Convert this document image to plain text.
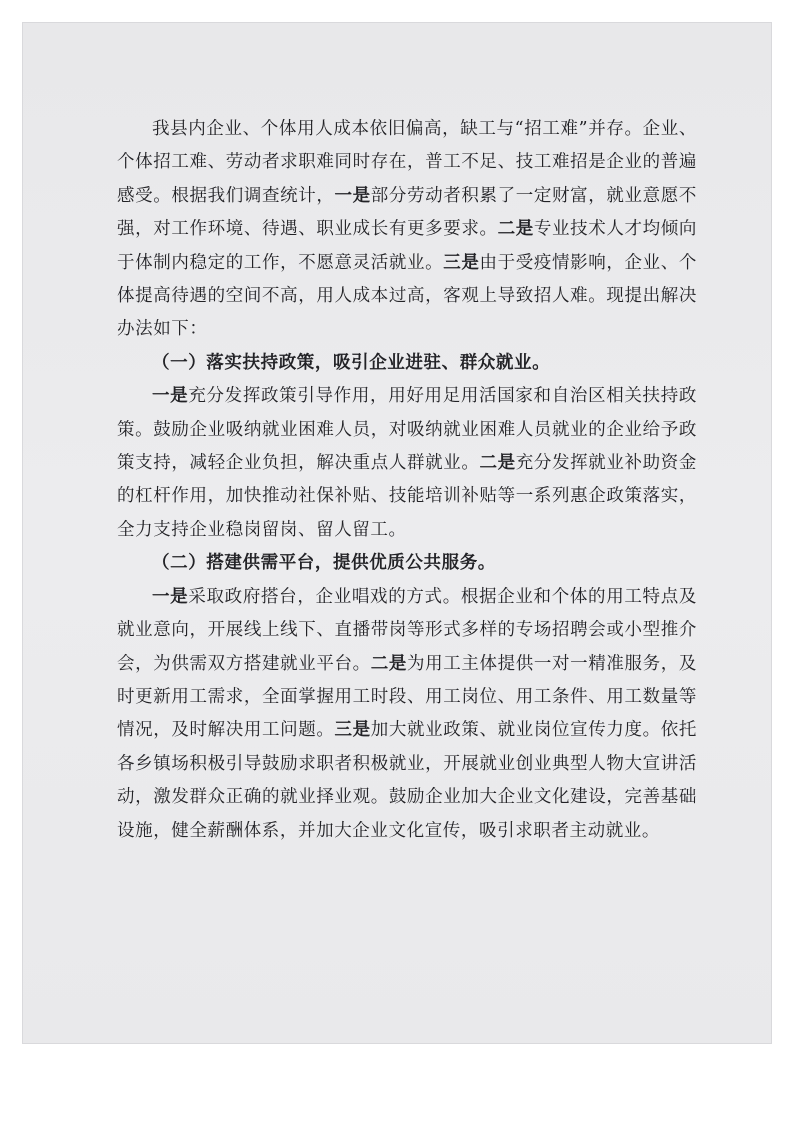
我县内企业、个体用人成本依旧偏高，缺工与“招工难”并存。企业、个体招工难、劳动者求职难同时存在，普工不足、技工难招是企业的普遍感受。根据我们调查统计，一是部分劳动者积累了一定财富，就业意愿不强，对工作环境、待遇、职业成长有更多要求。二是专业技术人才均倾向于体制内稳定的工作，不愿意灵活就业。三是由于受疫情影响，企业、个体提高待遇的空间不高，用人成本过高，客观上导致招人难。现提出解决办法如下：

（一）落实扶持政策，吸引企业进驻、群众就业。

一是充分发挥政策引导作用，用好用足用活国家和自治区相关扶持政策。鼓励企业吸纳就业困难人员，对吸纳就业困难人员就业的企业给予政策支持，减轻企业负担，解决重点人群就业。二是充分发挥就业补助资金的杠杆作用，加快推动社保补贴、技能培训补贴等一系列惠企政策落实，全力支持企业稳岗留岗、留人留工。

（二）搭建供需平台，提供优质公共服务。

一是采取政府搭台，企业唱戏的方式。根据企业和个体的用工特点及就业意向，开展线上线下、直播带岗等形式多样的专场招聘会或小型推介会，为供需双方搭建就业平台。二是为用工主体提供一对一精准服务，及时更新用工需求，全面掌握用工时段、用工岗位、用工条件、用工数量等情况，及时解决用工问题。三是加大就业政策、就业岗位宣传力度。依托各乡镇场积极引导鼓励求职者积极就业，开展就业创业典型人物大宣讲活动，激发群众正确的就业择业观。鼓励企业加大企业文化建设，完善基础设施，健全薪酬体系，并加大企业文化宣传，吸引求职者主动就业。
